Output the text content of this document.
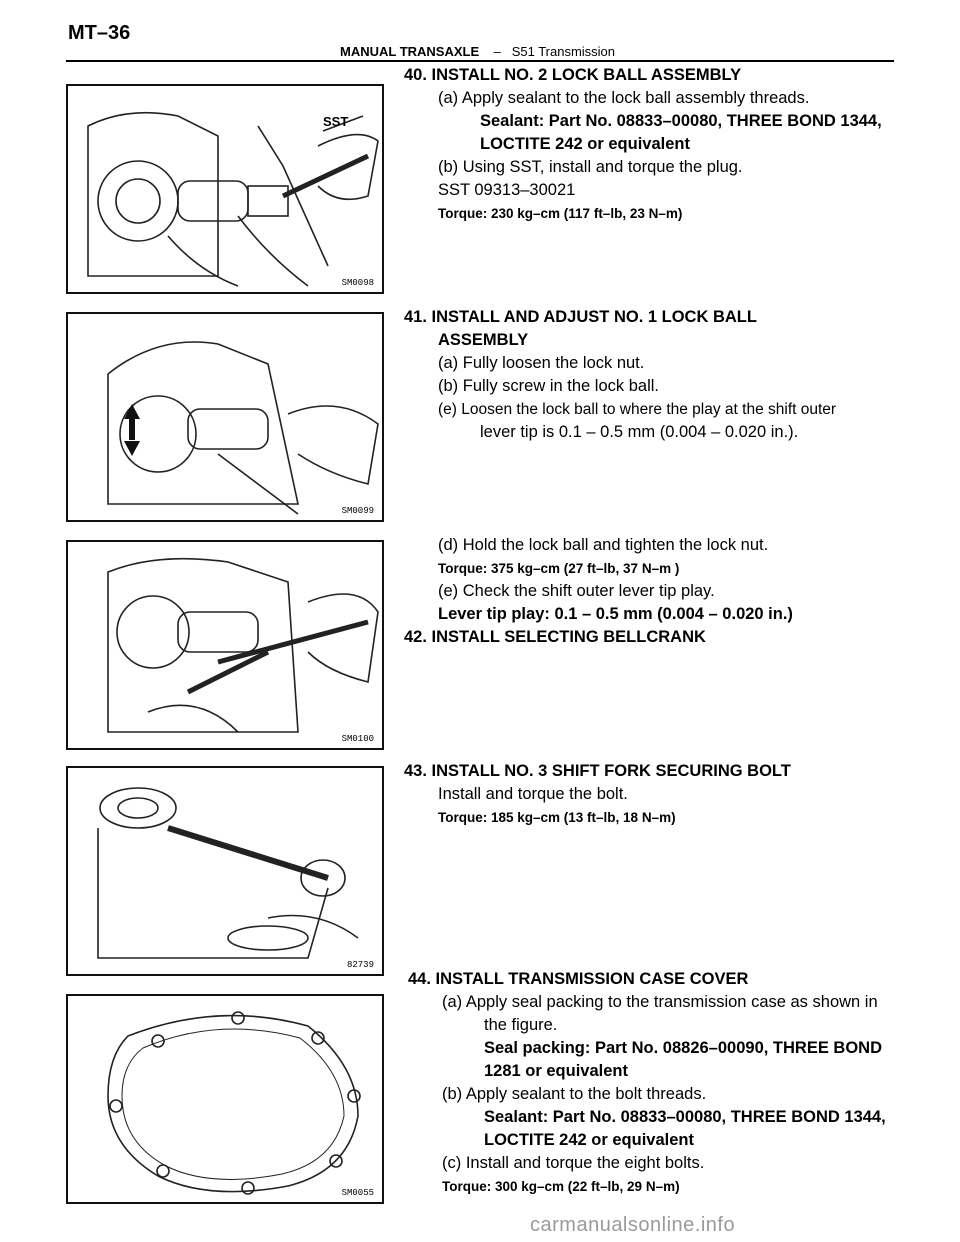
MT–36
MANUAL TRANSAXLE – S51 Transmission
SST
SM0098
SM0099
SM0100
82739
SM0055
40. INSTALL NO. 2 LOCK BALL ASSEMBLY
(a) Apply sealant to the lock ball assembly threads.
Sealant: Part No. 08833–00080, THREE BOND 1344,
LOCTITE 242 or equivalent
(b) Using SST, install and torque the plug.
SST 09313–30021
Torque: 230 kg–cm (117 ft–lb, 23 N–m)
41. INSTALL AND ADJUST NO. 1 LOCK BALL
ASSEMBLY
(a) Fully loosen the lock nut.
(b) Fully screw in the lock ball.
(e) Loosen the lock ball to where the play at the shift outer
lever tip is 0.1 – 0.5 mm (0.004 – 0.020 in.).
(d) Hold the lock ball and tighten the lock nut.
Torque: 375 kg–cm (27 ft–lb, 37 N–m )
(e) Check the shift outer lever tip play.
Lever tip play: 0.1 – 0.5 mm (0.004 – 0.020 in.)
42. INSTALL SELECTING BELLCRANK
43. INSTALL NO. 3 SHIFT FORK SECURING BOLT
Install and torque the bolt.
Torque: 185 kg–cm (13 ft–lb, 18 N–m)
44. INSTALL TRANSMISSION CASE COVER
(a) Apply seal packing to the transmission case as shown in
the figure.
Seal packing: Part No. 08826–00090, THREE BOND
1281 or equivalent
(b) Apply sealant to the bolt threads.
Sealant: Part No. 08833–00080, THREE BOND 1344,
LOCTITE 242 or equivalent
(c) Install and torque the eight bolts.
Torque: 300 kg–cm (22 ft–lb, 29 N–m)
carmanualsonline.info
